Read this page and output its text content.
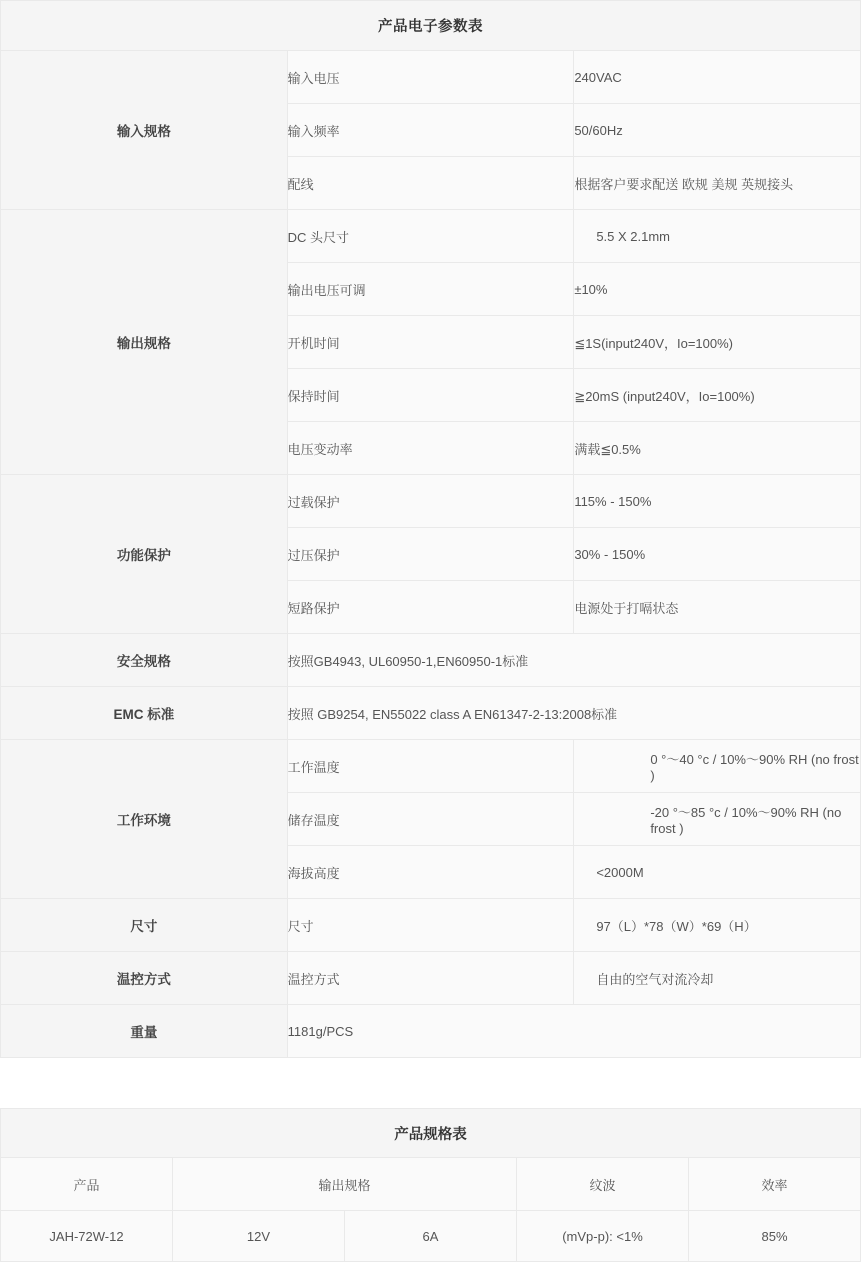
产品电子参数表		
输入规格	输入电压	240VAC
	输入频率	50/60Hz
	配线	根据客户要求配送 欧规 美规 英规接头
输出规格	DC 头尺寸	5.5 X 2.1mm
	输出电压可调	±10%
	开机时间	≦1S(input240V，Io=100%)
	保持时间	≧20mS (input240V，Io=100%)
	电压变动率	满载≦0.5%
功能保护	过载保护	115% - 150%
	过压保护	30% - 150%
	短路保护	电源处于打嗝状态
安全规格	按照GB4943, UL60950-1,EN60950-1标准	
EMC 标准	按照 GB9254, EN55022 class A EN61347-2-13:2008标准	
工作环境	工作温度	0 °～40 °c / 10%～90% RH (no frost )
	储存温度	-20 °～85 °c / 10%～90% RH (no frost )
	海拔高度	<2000M
尺寸	尺寸	97（L）*78（W）*69（H）
温控方式	温控方式	自由的空气对流冷却
重量	1181g/PCS	
产品规格表				
产品	输出规格		纹波	效率
JAH-72W-12	12V	6A	(mVp-p): <1%	85%
